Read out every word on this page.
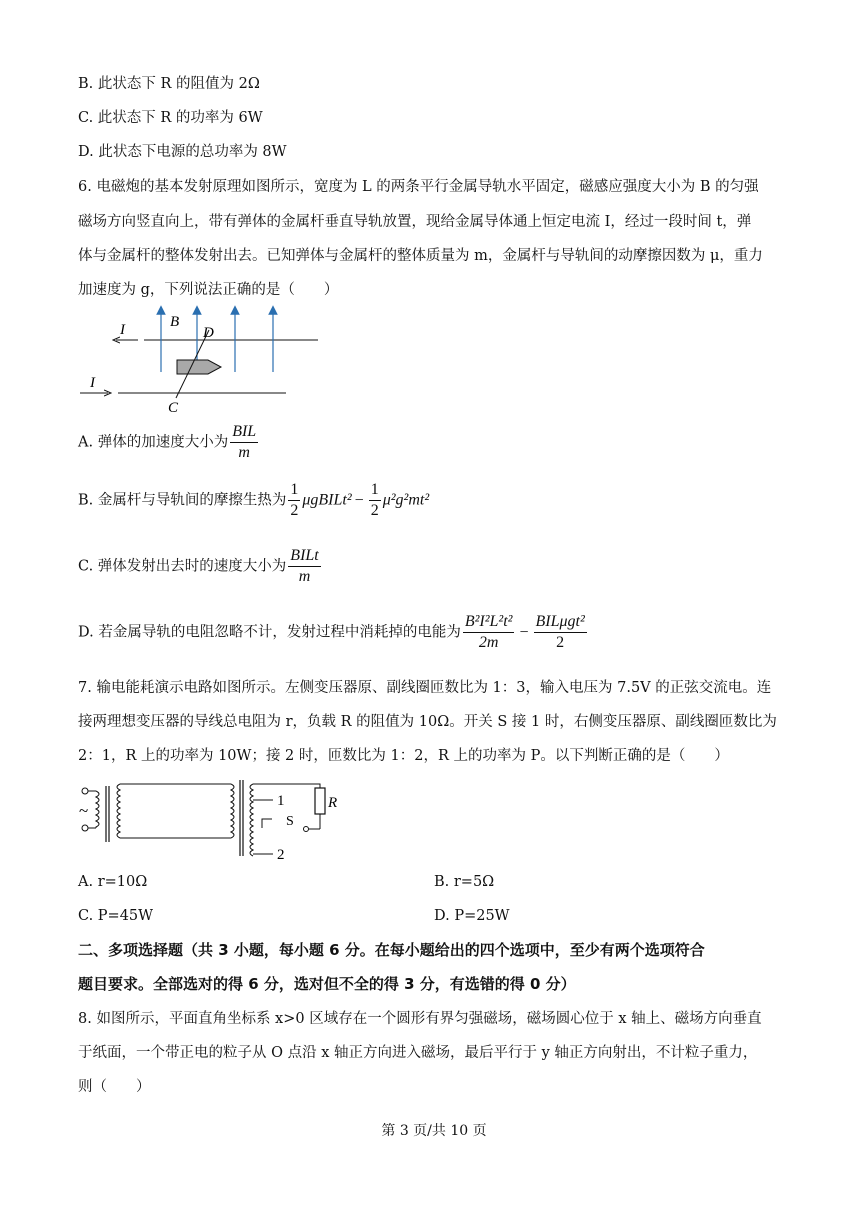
B. 此状态下 R 的阻值为 2Ω
C. 此状态下 R 的功率为 6W
D. 此状态下电源的总功率为 8W
6. 电磁炮的基本发射原理如图所示，宽度为 L 的两条平行金属导轨水平固定，磁感应强度大小为 B 的匀强
磁场方向竖直向上，带有弹体的金属杆垂直导轨放置，现给金属导体通上恒定电流 I，经过一段时间 t，弹
体与金属杆的整体发射出去。已知弹体与金属杆的整体质量为 m，金属杆与导轨间的动摩擦因数为 μ，重力
加速度为 g，下列说法正确的是（　　）
I
I
B
D
C
A. 弹体的加速度大小为 $\frac{\text{BIL}}{m}$
B. 金属杆与导轨间的摩擦生热为 $\frac{1}{2}$ μgBILt² − $\frac{1}{2} \mu^2g^2mt^2$
C. 弹体发射出去时的速度大小为 $\frac{\text{BILt}}{m}$
D. 若金属导轨的电阻忽略不计，发射过程中消耗掉的电能为 $\frac{\text{B²I²L²t²}}{2m} - \frac{\text{BILμgt²}}{2}$
7. 输电能耗演示电路如图所示。左侧变压器原、副线圈匝数比为 1：3，输入电压为 7.5V 的正弦交流电。连
接两理想变压器的导线总电阻为 r，负载 R 的阻值为 10Ω。开关 S 接 1 时，右侧变压器原、副线圈匝数比为
2：1，R 上的功率为 10W；接 2 时，匝数比为 1：2，R 上的功率为 P。以下判断正确的是（　　）
~	1
2
S
R
A. r=10Ω	B. r=5Ω
C. P=45W	D. P=25W
二、多项选择题（共 3 小题，每小题 6 分。在每小题给出的四个选项中，至少有两个选项符合
题目要求。全部选对的得 6 分，选对但不全的得 3 分，有选错的得 0 分）
8. 如图所示，平面直角坐标系 x>0 区域存在一个圆形有界匀强磁场，磁场圆心位于 x 轴上、磁场方向垂直
于纸面，一个带正电的粒子从 O 点沿 x 轴正方向进入磁场，最后平行于 y 轴正方向射出，不计粒子重力，
则（　　）
第 3 页/共 10 页
